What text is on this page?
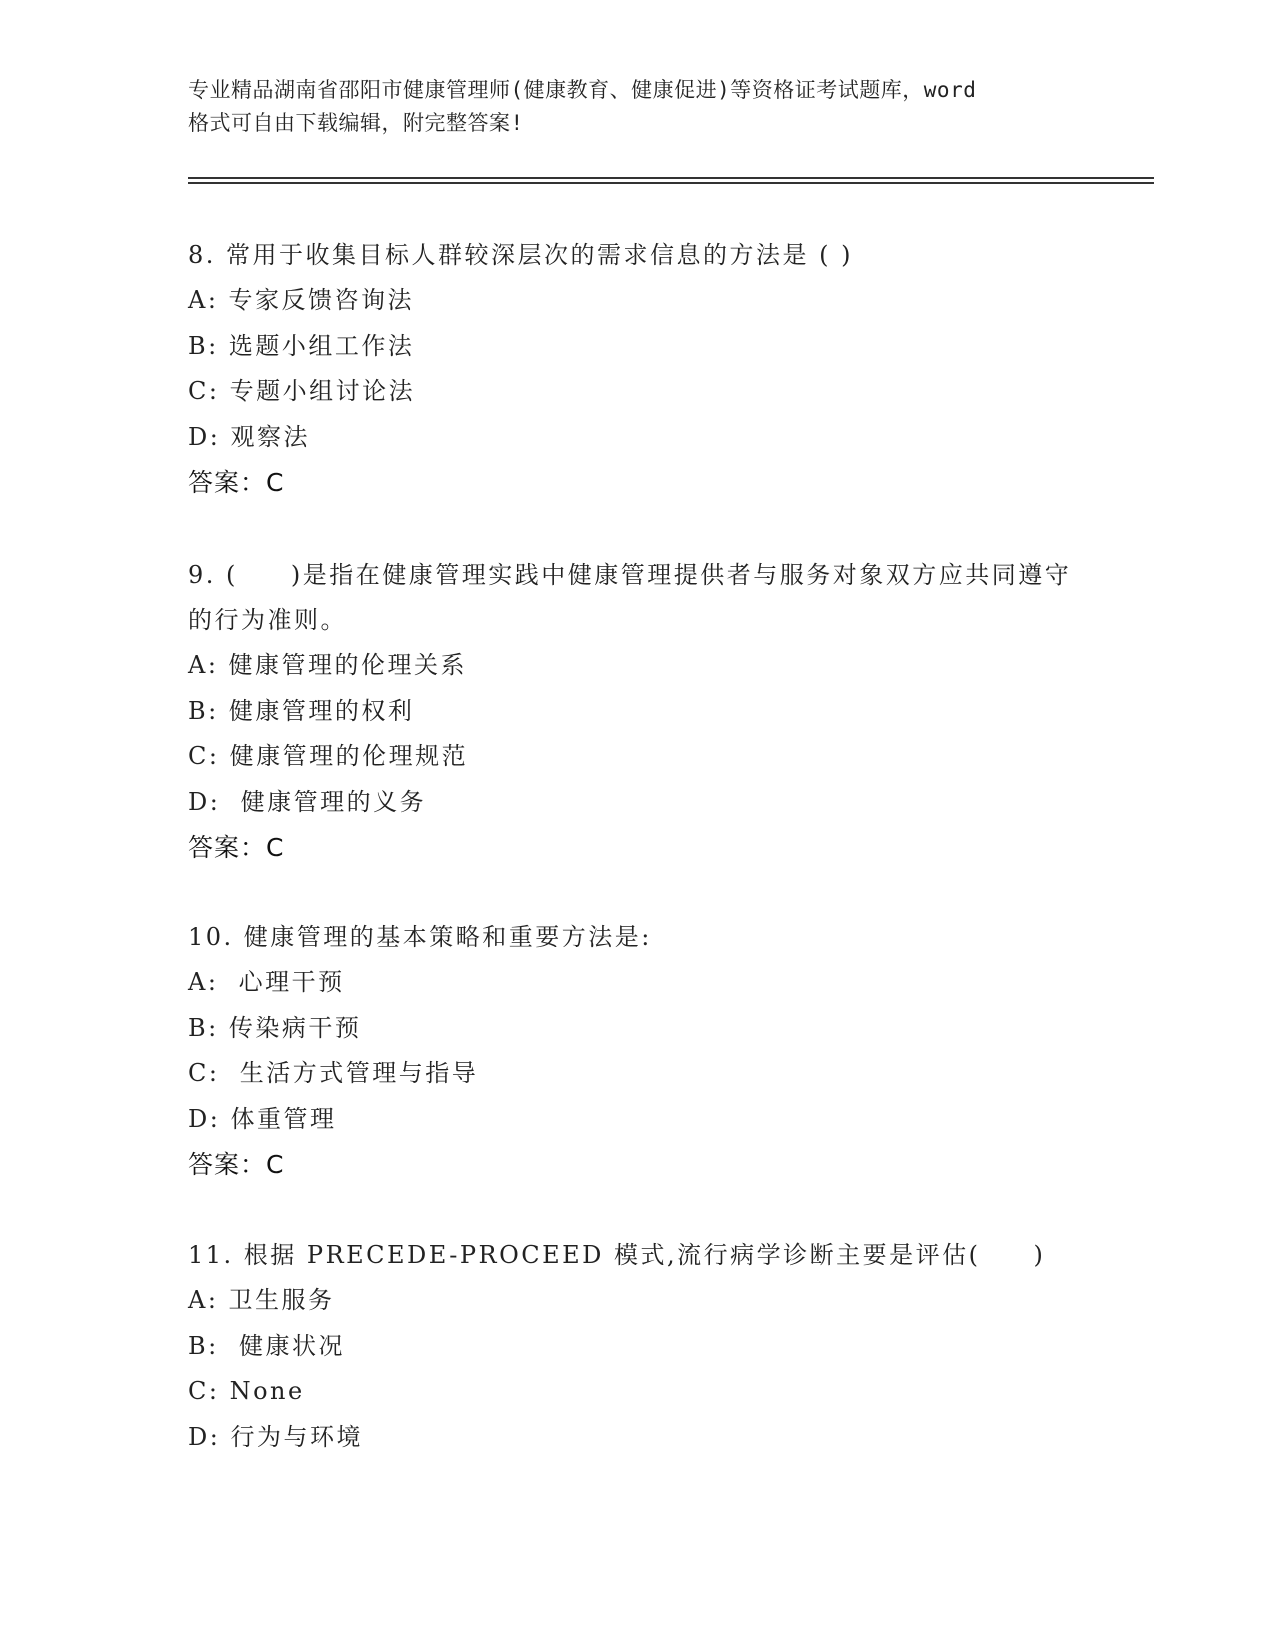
专业精品湖南省邵阳市健康管理师(健康教育、健康促进)等资格证考试题库，word
格式可自由下载编辑，附完整答案!

8. 常用于收集目标人群较深层次的需求信息的方法是 ( )

A: 专家反馈咨询法

B: 选题小组工作法

C: 专题小组讨论法

D: 观察法

答案：C

9. (　　)是指在健康管理实践中健康管理提供者与服务对象双方应共同遵守的行为准则。

A: 健康管理的伦理关系

B: 健康管理的权利

C: 健康管理的伦理规范

D:  健康管理的义务

答案：C

10. 健康管理的基本策略和重要方法是:

A:  心理干预

B: 传染病干预

C:  生活方式管理与指导

D: 体重管理

答案：C

11. 根据 PRECEDE-PROCEED 模式,流行病学诊断主要是评估(　　)

A: 卫生服务

B:  健康状况

C: None

D: 行为与环境
